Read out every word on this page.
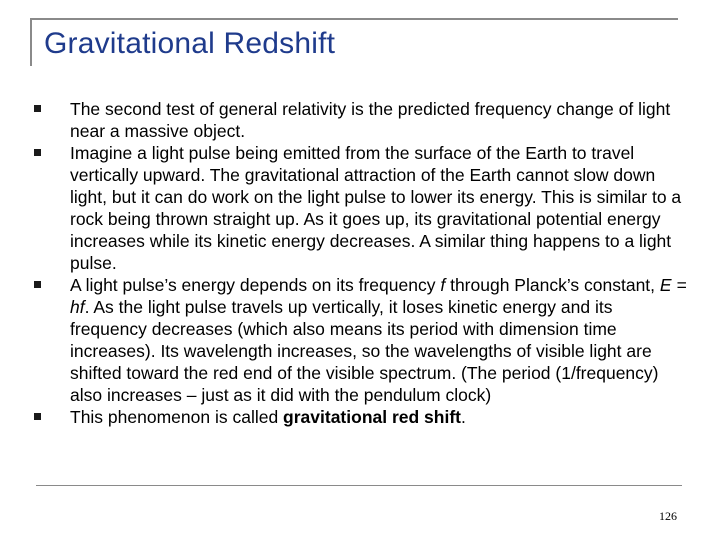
Gravitational Redshift
The second test of general relativity is the predicted frequency change of light near a massive object.
Imagine a light pulse being emitted from the surface of the Earth to travel vertically upward. The gravitational attraction of the Earth cannot slow down light, but it can do work on the light pulse to lower its energy. This is similar to a rock being thrown straight up. As it goes up, its gravitational potential energy increases while its kinetic energy decreases. A similar thing happens to a light pulse.
A light pulse’s energy depends on its frequency f through Planck’s constant, E = hf. As the light pulse travels up vertically, it loses kinetic energy and its frequency decreases (which also means its period with dimension time increases). Its wavelength increases, so the wavelengths of visible light are shifted toward the red end of the visible spectrum. (The period (1/frequency) also increases – just as it did with the pendulum clock)
This phenomenon is called gravitational red shift.
126
